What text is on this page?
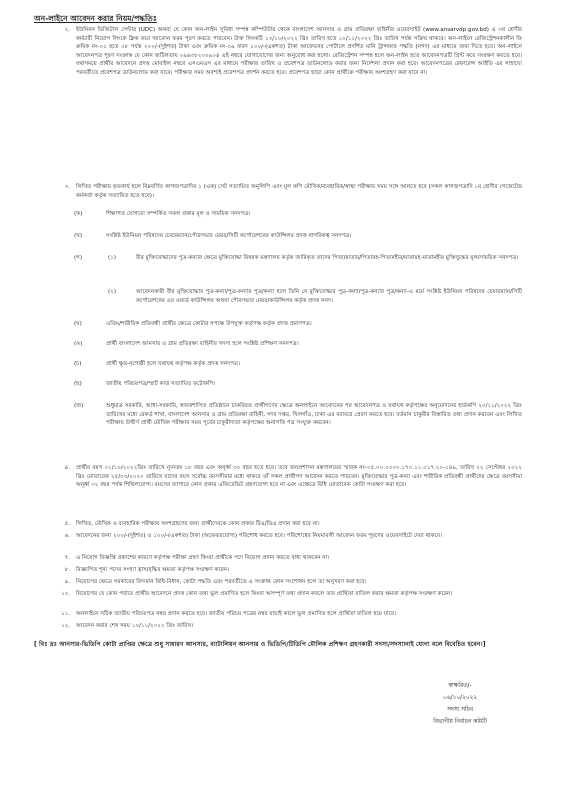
অন-লাইনে আবেদন করার নিয়ম/পদ্ধতিঃ
২. ইউনিয়ন ডিজিটাল সেন্টার (UDC) অথবা যে কোন অন-লাইন সুবিধা সম্পন্ন কম্পিউটার থেকে বাংলাদেশ আনসার ও গ্রাম প্রতিরক্ষা বাহিনীর ওয়েবসাইট (www.ansarvdp.gov.bd) এ ৩য় শ্রেণীর কর্মচারী নিয়োগ লিংকে ক্লিক করে আবেদন ফরম পূরণ করতে পারবেন। উক্ত লিংকটি ১৩/১০/২০২২ খ্রিঃ তারিখ হতে ১০/১১/২০২২ খ্রিঃ তারিখ পর্যন্ত সক্রিয় থাকবে। অন-লাইনে রেজিস্ট্রেশনকালীন ফি ক্রমিক নং-০১ হতে ০৮ পর্যন্ত ২০০/-(দুইশত) টাকা এবং ক্রমিক নং-০৯ বাবদ ১০০/-(একশত) টাকা আবেদনের পোর্টালে প্রদর্শিত মানি ট্রান্সফার পদ্ধতি (নগদ) এর মাধ্যমে জমা দিতে হবে। অন-লাইনে আবেদনপত্র পূরণ সংক্রান্ত যে কোন জটিলতায় ০৯৬৩৮২০০৯০৪ এই নম্বরে যোগাযোগের জন্য অনুরোধ করা হলো। রেজিস্ট্রেশন সম্পন্ন হলে অন-লাইন হতে আবেদনপত্রটি প্রিন্ট করে সংরক্ষণ করতে হবে। যথাসময়ে প্রার্থীর আবেদনে প্রদত্ত মোবাইল নম্বরে এসএমএস এর মাধ্যমে পরীক্ষার তারিখ ও প্রবেশপত্র ডাউনলোড করার জন্য নির্দেশনা প্রদান করা হবে। আবেদনপত্রের রেফারেন্স আইডি এর সাহায্যে পরবর্তীতে প্রবেশপত্র ডাউনলোড করা যাবে। পরীক্ষার সময় অবশ্যই প্রবেশপত্র প্রদর্শন করতে হবে। প্রবেশপত্র ছাড়া কোন প্রার্থীকে পরীক্ষায় অংশগ্রহণ করা যাবে না।
৩. লিখিত পরীক্ষায় কৃতকার্য হলে নিম্নবর্ণিত কাগজপত্রাদির ১ (এক) সেট সত্যায়িত অনুলিপি এবং মূল কপি মৌখিক/ব্যবহারিক/স্বাস্থ্য পরীক্ষার সময় সঙ্গে আনতে হবে (সকল কাগজপত্রাদি ১ম শ্রেণীর গেজেটেড কর্মকর্তা কর্তৃক সত্যায়িত হতে হবে)।
(ক)	শিক্ষাগত যোগ্যতা সম্পর্কিত সকল প্রকার মূল ও সাময়িক সনদপত্র।
(খ)	সংশ্লিষ্ট ইউনিয়ন পরিষদের চেয়ারম্যান/পৌরসভার মেয়র/সিটি কর্পোরেশনের কাউন্সিলর প্রদত্ত নাগরিকত্ব সনদপত্র।
(গ)	(১)	বীর মুক্তিযোদ্ধাদের পুত্র-কন্যার ক্ষেত্রে মুক্তিযোদ্ধা বিষয়ক মন্ত্রণালয় কর্তৃক জারিকৃত তাদের পিতা/মাতার/পিতামহ-পিতামহীর/মাতামহ-মাতামহীর মুক্তিযুদ্ধের মূল/সাময়িক সনদপত্র।
(২)	আবেদনকারী বীর মুক্তিযোদ্ধার পুত্র-কন্যা/পুত্র-কন্যার পুত্র/কন্যা হলে তিনি যে মুক্তিযোদ্ধার পুত্র-কন্যা/পুত্র-কন্যার পুত্র/কন্যা-এ মর্মে সংশ্লিষ্ট ইউনিয়ন পরিষদের চেয়ারম্যান/সিটি কর্পোরেশনের এর ওয়ার্ড কাউন্সিলর অথবা পৌরসভার মেয়র/কাউন্সিলর কর্তৃক প্রদত্ত সনদ।
(ঘ)	এতিম/শারীরিক প্রতিবন্ধী প্রার্থীর ক্ষেত্রে কোটার সপক্ষে উপযুক্ত কর্তৃপক্ষ কর্তৃক প্রদত্ত প্রমাণপত্র।
(ঙ)	প্রার্থী বাংলাদেশ আনসার ও গ্রাম প্রতিরক্ষা বাহিনীর সদস্য হলে সংশ্লিষ্ট প্রশিক্ষণ সনদপত্র।
(চ)	প্রার্থী ক্ষুদ্র-নৃগোষ্ঠী হলে যথাযথ কর্তৃপক্ষ কর্তৃক প্রদত্ত সনদপত্র।
(ছ)	জাতীয় পরিচয়পত্র/স্মার্ট কার্ড সত্যায়িত ফটোকপি।
(জ)	শুধুমাত্র সরকারি, আধা-সরকারি, স্বায়ত্তশাসিত প্রতিষ্ঠানে চাকরিরত প্রার্থীগণের ক্ষেত্রে অনলাইনে আবেদনের পর আবেদনপত্র ও যথাযথ কর্তৃপক্ষের অনুমোদনের হার্ডকপি ২০/১১/২০২২ খ্রিঃ তারিখের মধ্যে রেকর্ড শাখা, বাংলাদেশ আনসার ও গ্রাম প্রতিরক্ষা বাহিনী, সদর দপ্তর, খিলগাঁও, ঢাকা এর বরাবরে প্রেরণ করতে হবে। বর্তমান চাকুরীর বিস্তারিত তথ্য প্রদান করবেন এবং লিখিত পরীক্ষায় উত্তীর্ণ প্রার্থী মৌখিক পরীক্ষার সময় পূর্বের চাকুরীদাতা কর্তৃপক্ষের অনাপত্তি পত্র সংযুক্ত করবেন।
৪. প্রার্থীর বয়স ০১/১০/২০২২খ্রিঃ তারিখে ন্যূনতম ১৮ বছর এবং অনূর্ধ্ব ৩০ বছর হতে হবে। তবে জনপ্রশাসন মন্ত্রণালয়ের স্মারক নং-০৫.০০.০০০০.১৭০.১১.০১৭.২০-১৪৯, তারিখ ২২ সেপ্টেম্বর ২০২২ খ্রিঃ মোতাবেক ২৫/০৩/২০২০ তারিখে যাদের বয়স সর্বোচ্চ বয়সসীমার মধ্যে থাকবে তাঁ সকল প্রার্থীগণ আবেদন করতে পারবেন। মুক্তিযোদ্ধার পুত্র-কন্যা এবং শারীরিক প্রতিবন্ধী প্রার্থীদের ক্ষেত্রে বয়সসীমা অনূর্ধ্ব ৩২ বছর পর্যন্ত শিথিলযোগ্য। বয়সের ব্যাপারে কোন প্রকার এফিডেভিট গ্রহণযোগ্য হবে না এবং এক্ষেত্রে বিধি মোতাবেক কোটা সংরক্ষণ করা হবে।
৫. লিখিত, মৌখিক ও ব্যবহারিক পরীক্ষায় অংশগ্রহণের জন্য প্রার্থীদেরকে কোন প্রকার টিএ/ডিএ প্রদান করা হবে না।
৬. আবেদনের জন্য ২০০/-(দুইশত) ও ১০০/-(একশত) টাকা (অফেরতযোগ্য) পরিশোধ করতে হবে। পরিশোধের নিয়মাবলী আবেদন ফরম পূরণের ওয়েবসাইটে দেয়া থাকবে।
৭. এ নিয়োগ বিজ্ঞপ্তি প্রকাশের কারণে কর্তৃপক্ষ পরীক্ষা গ্রহণ কিংবা প্রার্থীকে পদে নিয়োগ প্রদান করতে বাধ্য থাকবেন না।
৮. বিজ্ঞাপিত শূন্য পদের সংখ্যা হ্রাস/বৃদ্ধির ক্ষমতা কর্তৃপক্ষ সংরক্ষণ করেন।
৯. নিয়োগের ক্ষেত্রে সরকারের বিদ্যমান বিধি-বিধান, কোটা পদ্ধতি এবং পরবর্তীতে এ সংক্রান্ত কোন সংশোধন হলে তা অনুসরণ করা হবে।
১০. নিয়োগের যে কোন পর্যায়ে প্রার্থীর আবেদনে প্রদত্ত কোন তথ্য ভুল প্রমাণিত হলে কিংবা অসম্পূর্ণ তথ্য প্রদান করলে তার প্রার্থিতা বাতিল করার ক্ষমতা কর্তৃপক্ষ সংরক্ষণ করেন।
১১. অনলাইনে সঠিক জাতীয় পরিচয়পত্র নম্বর প্রদান করতে হবে। জাতীয় পরিচয় পত্রের নম্বর যাচাই কালে ভুল প্রমাণিত হলে প্রার্থিতা বাতিল হয়ে যাবে।
১২. আবেদন করার শেষ সময় ১০/১১/২০২২ খ্রিঃ তারিখ।
[ বিঃ দ্রঃ আনসার-ভিডিপি কোটা প্রাপ্তির ক্ষেত্রে শুধু সাধারণ আনসার, ব্যাটালিয়ন আনসার ও ভিডিপি/টিডিপি মৌলিক প্রশিক্ষণ গ্রহণকারী সদস্য/সদস্যানাই যোগ্য বলে বিবেচিত হবেন।]
স্বাক্ষরিত/-
০৬/১০/২০২২
সদস্য সচিব
বিভাগীয় নির্বাচন কমিটি
